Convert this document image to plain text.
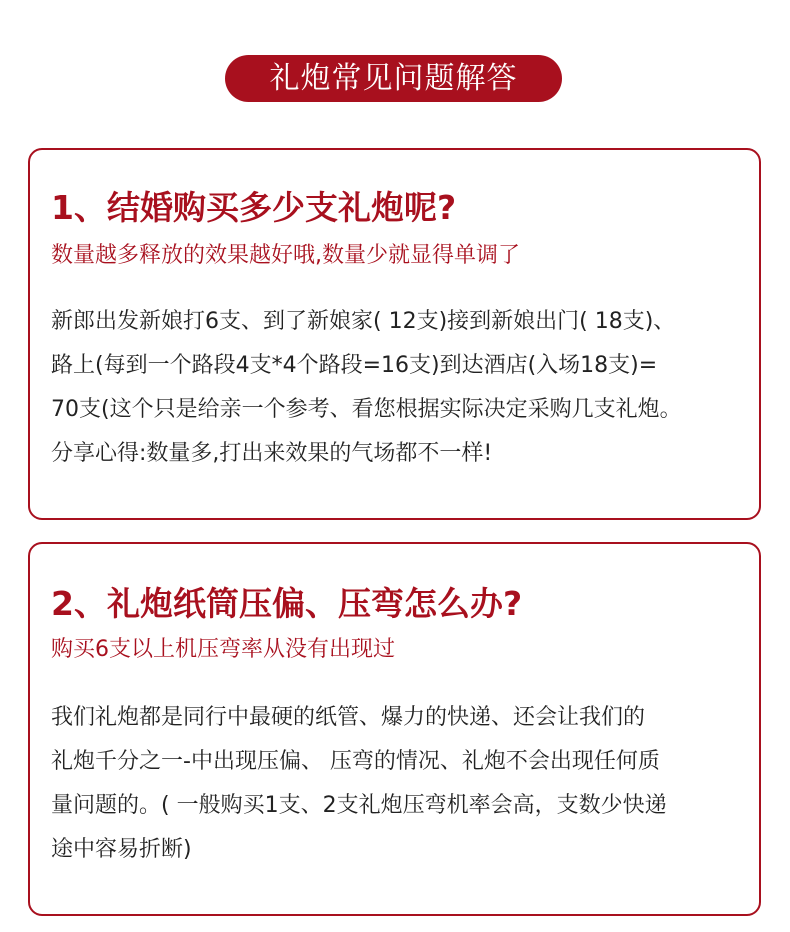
礼炮常见问题解答
1、结婚购买多少支礼炮呢?
数量越多释放的效果越好哦,数量少就显得单调了
新郎出发新娘打6支、到了新娘家( 12支)接到新娘出门( 18支)、
路上(每到一个路段4支*4个路段=16支)到达酒店(入场18支)=
70支(这个只是给亲一个参考、看您根据实际决定采购几支礼炮。
分享心得:数量多,打出来效果的气场都不一样!
2、礼炮纸筒压偏、压弯怎么办?
购买6支以上机压弯率从没有出现过
我们礼炮都是同行中最硬的纸管、爆力的快递、还会让我们的
礼炮千分之一-中出现压偏、 压弯的情况、礼炮不会出现任何质
量问题的。( 一般购买1支、2支礼炮压弯机率会高，支数少快递
途中容易折断)
